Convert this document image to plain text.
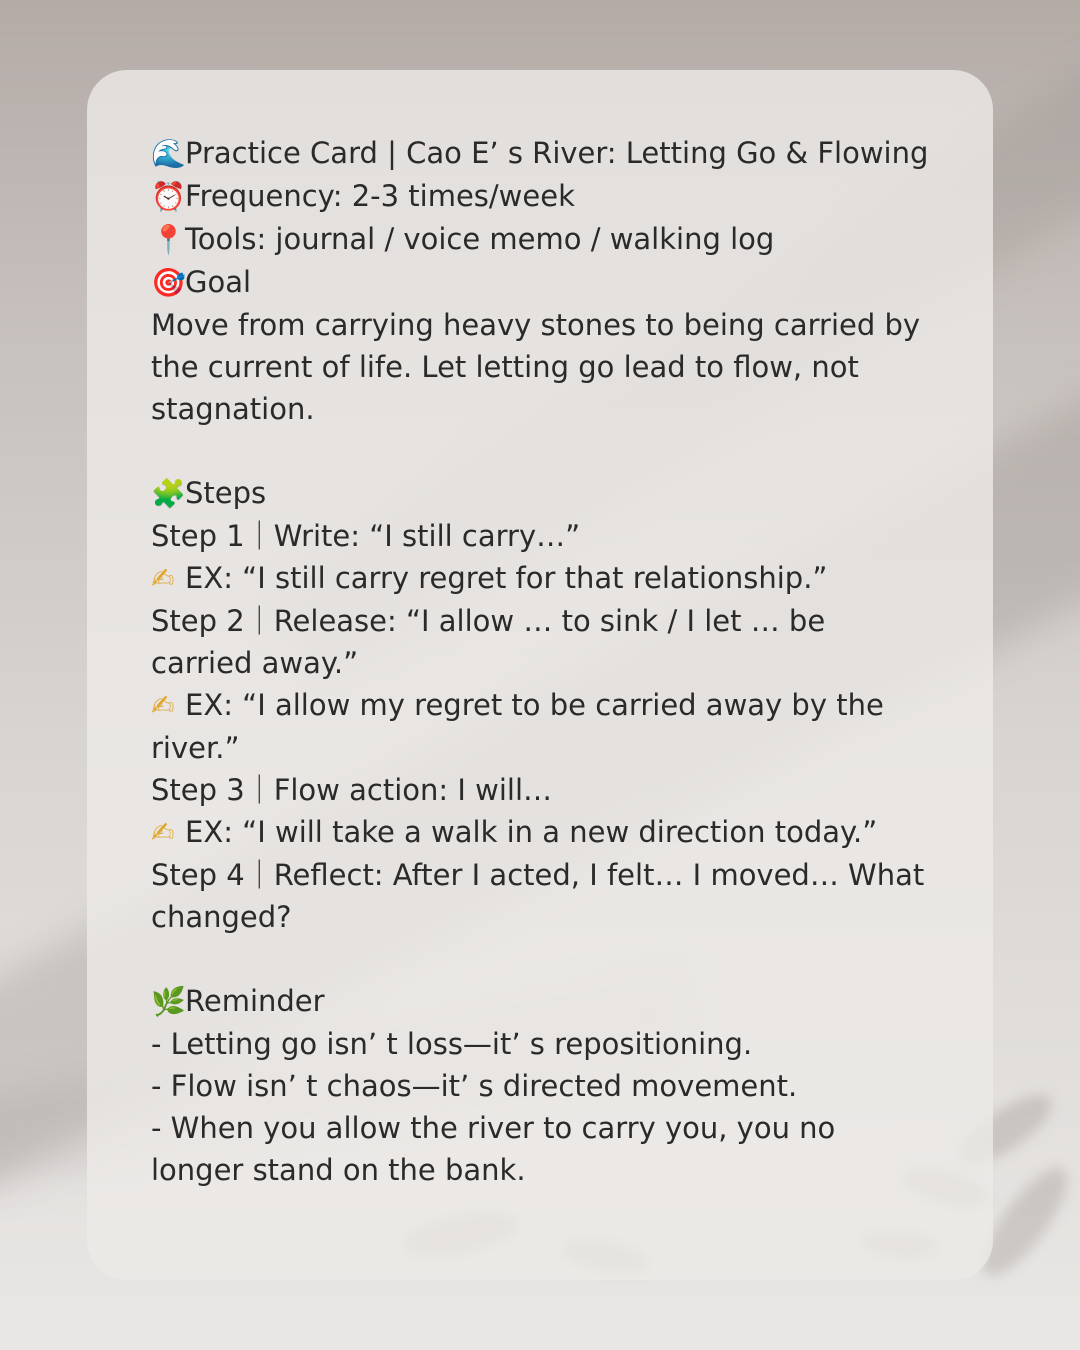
🌊Practice Card | Cao E’ s River: Letting Go & Flowing

⏰Frequency: 2-3 times/week

📍Tools: journal / voice memo / walking log

🎯Goal

Move from carrying heavy stones to being carried by the current of life. Let letting go lead to flow, not stagnation.

🧩Steps

Step 1｜Write: “I still carry…”

✍ EX: “I still carry regret for that relationship.”

Step 2｜Release: “I allow … to sink / I let … be carried away.”

✍ EX: “I allow my regret to be carried away by the river.”

Step 3｜Flow action: I will…

✍ EX: “I will take a walk in a new direction today.”

Step 4｜Reflect: After I acted, I felt… I moved… What changed?

🌿Reminder

- Letting go isn’ t loss—it’ s repositioning.

- Flow isn’ t chaos—it’ s directed movement.

- When you allow the river to carry you, you no longer stand on the bank.
